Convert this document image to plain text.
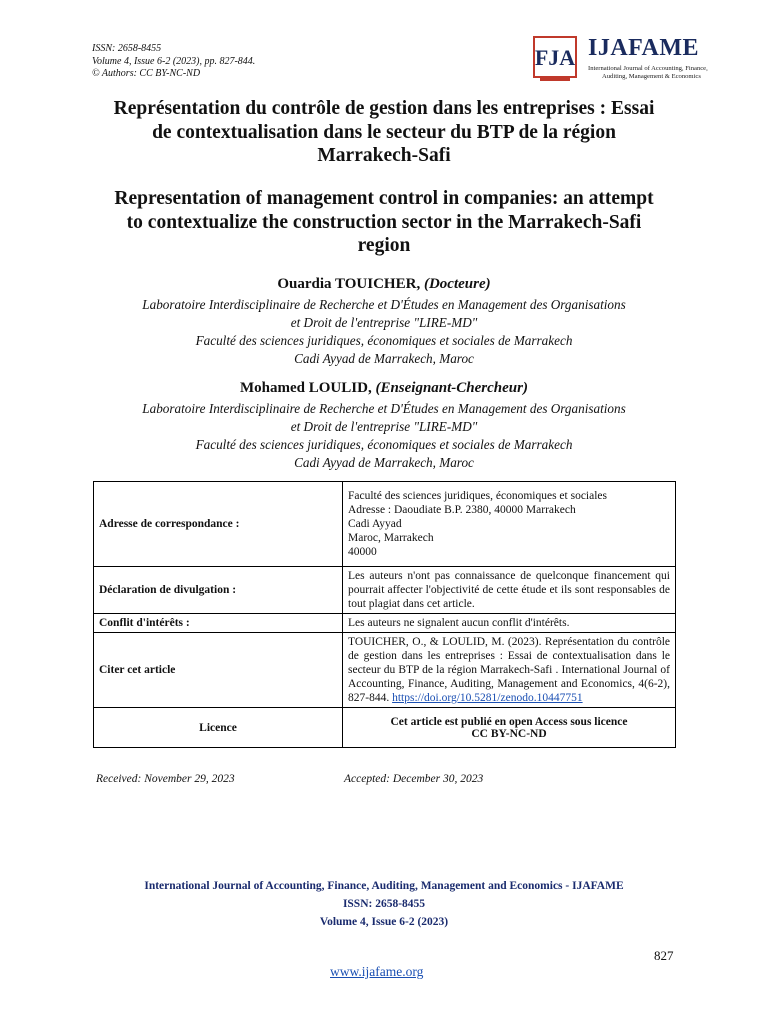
ISSN: 2658-8455
Volume 4, Issue 6-2 (2023), pp. 827-844.
© Authors: CC BY-NC-ND
FJA IJAFAME
International Journal of Accounting, Finance,
Auditing, Management & Economics
Représentation du contrôle de gestion dans les entreprises : Essai
de contextualisation dans le secteur du BTP de la région
Marrakech-Safi
Representation of management control in companies: an attempt
to contextualize the construction sector in the Marrakech-Safi
region
Ouardia TOUICHER, (Docteure)
Laboratoire Interdisciplinaire de Recherche et D'Études en Management des Organisations
et Droit de l'entreprise "LIRE-MD"
Faculté des sciences juridiques, économiques et sociales de Marrakech
Cadi Ayyad de Marrakech, Maroc
Mohamed LOULID, (Enseignant-Chercheur)
Laboratoire Interdisciplinaire de Recherche et D'Études en Management des Organisations
et Droit de l'entreprise "LIRE-MD"
Faculté des sciences juridiques, économiques et sociales de Marrakech
Cadi Ayyad de Marrakech, Maroc
Adresse de correspondance :	Faculté des sciences juridiques, économiques et sociales
Adresse : Daoudiate B.P. 2380, 40000 Marrakech
Cadi Ayyad
Maroc, Marrakech
40000

Déclaration de divulgation :	Les auteurs n'ont pas connaissance de quelconque financement qui pourrait affecter l'objectivité de cette étude et ils sont responsables de tout plagiat dans cet article.
Conflit d'intérêts :	Les auteurs ne signalent aucun conflit d'intérêts.
Citer cet article	TOUICHER, O., & LOULID, M. (2023). Représentation du contrôle de gestion dans les entreprises : Essai de contextualisation dans le secteur du BTP de la région Marrakech-Safi . International Journal of Accounting, Finance, Auditing, Management and Economics, 4(6-2), 827-844. https://doi.org/10.5281/zenodo.10447751
Licence	Cet article est publié en open Access sous licence
CC BY-NC-ND
Received: November 29, 2023	Accepted: December 30, 2023
International Journal of Accounting, Finance, Auditing, Management and Economics - IJAFAME
ISSN: 2658-8455
Volume 4, Issue 6-2 (2023)
827
www.ijafame.org
